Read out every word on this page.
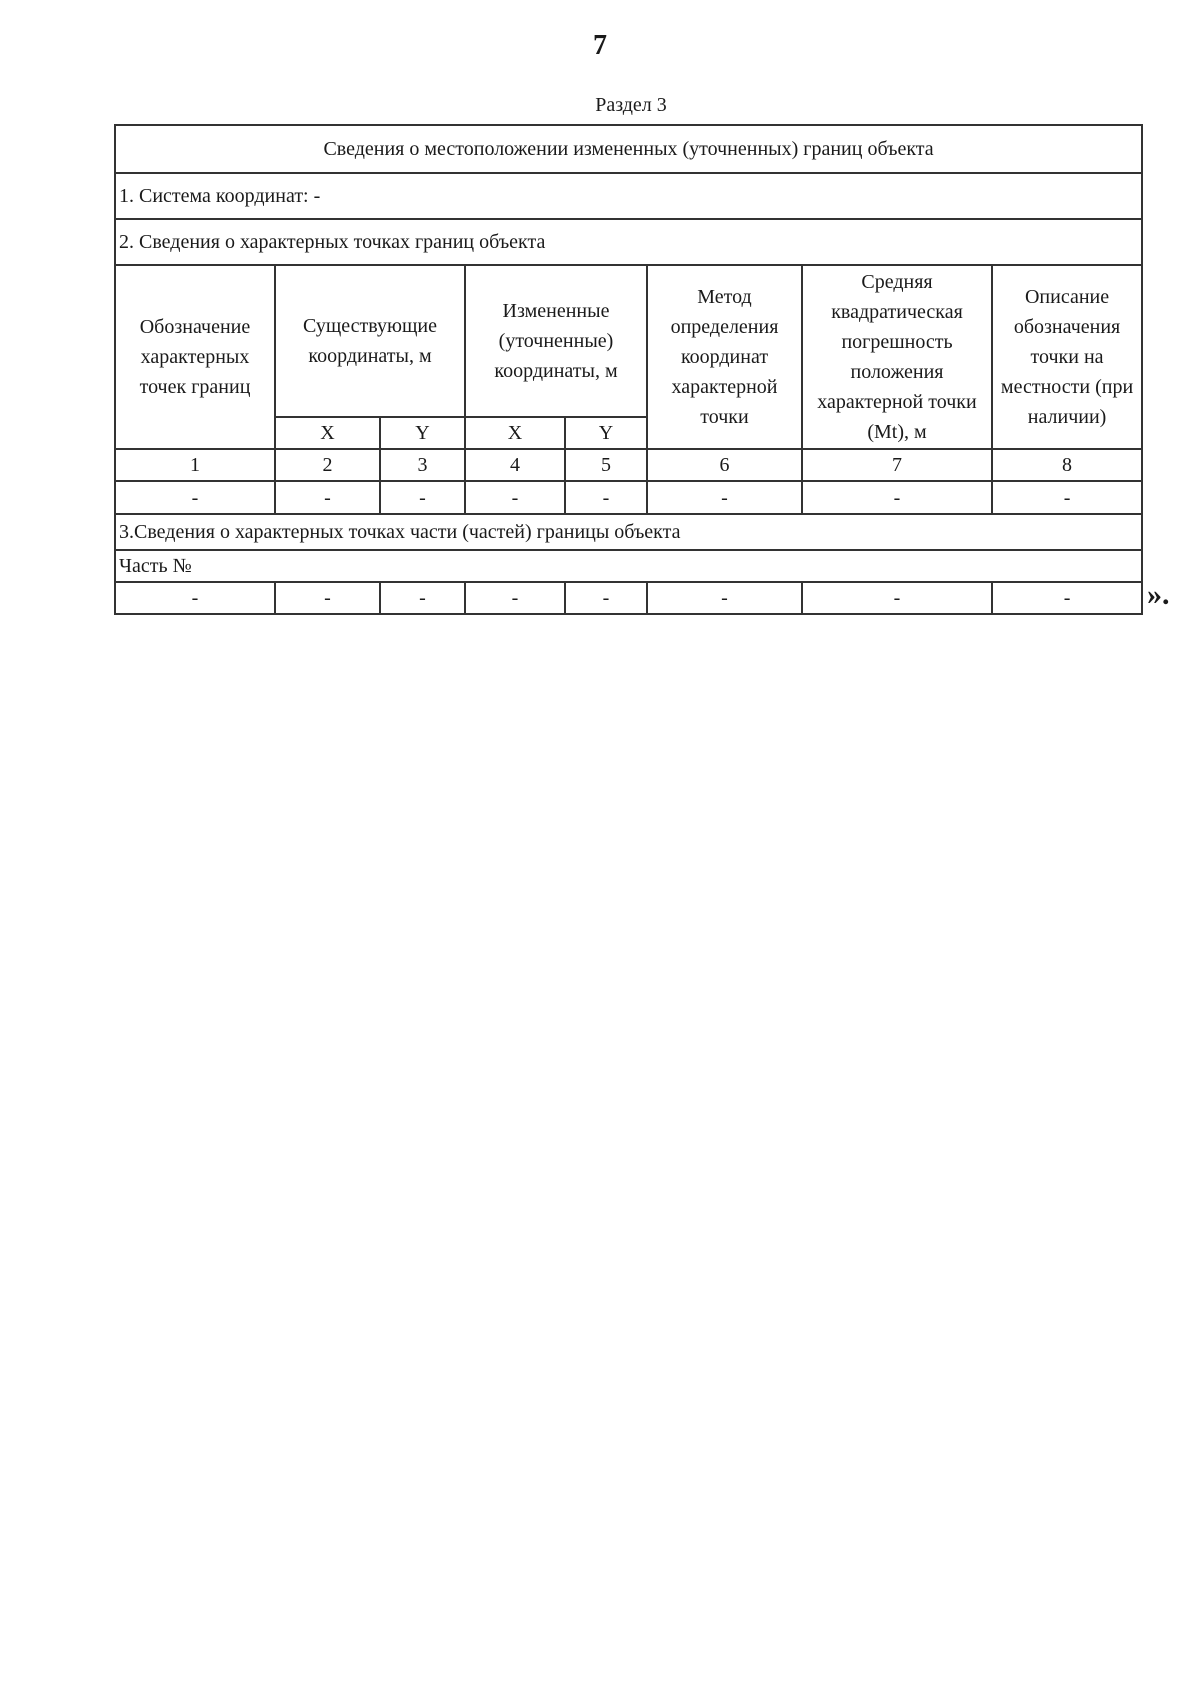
7
Раздел 3
Сведения о местоположении измененных (уточненных) границ объекта							
1. Система координат: -							
2. Сведения о характерных точках границ объекта							
Обозначение характерных точек границ	Существующие координаты, м		Измененные (уточненные) координаты, м		Метод определения координат характерной точки	Средняя квадратическая погрешность положения характерной точки (Mt), м	Описание обозначения точки на местности (при наличии)
	X	Y	X	Y			
1	2	3	4	5	6	7	8
-	-	-	-	-	-	-	-
3.Сведения о характерных точках части (частей) границы объекта							
Часть №							
-	-	-	-	-	-	-	-	».
